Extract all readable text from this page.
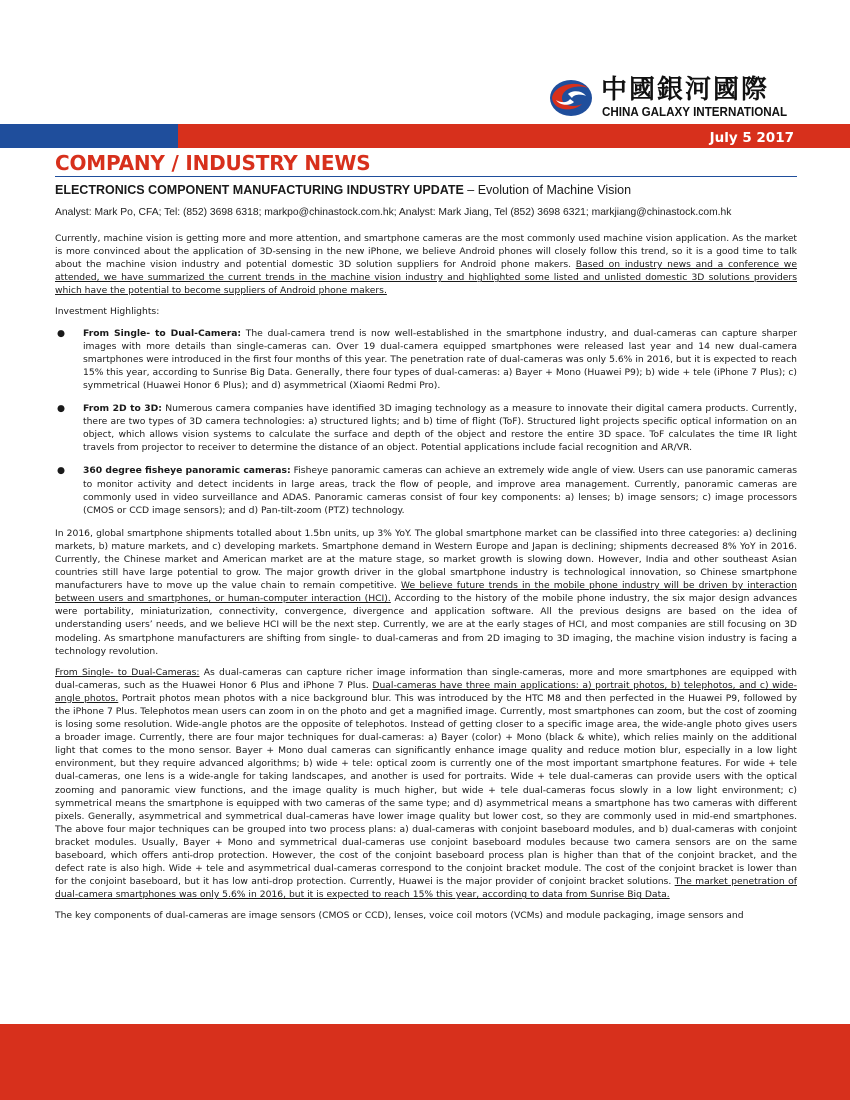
中國銀河國際
CHINA GALAXY INTERNATIONAL
July 5 2017
COMPANY / INDUSTRY NEWS
ELECTRONICS COMPONENT MANUFACTURING INDUSTRY UPDATE – Evolution of Machine Vision
Analyst: Mark Po, CFA; Tel: (852) 3698 6318; markpo@chinastock.com.hk; Analyst: Mark Jiang, Tel (852) 3698 6321; markjiang@chinastock.com.hk

Currently, machine vision is getting more and more attention, and smartphone cameras are the most commonly used machine vision application. As the market is more convinced about the application of 3D-sensing in the new iPhone, we believe Android phones will closely follow this trend, so it is a good time to talk about the machine vision industry and potential domestic 3D solution suppliers for Android phone makers. Based on industry news and a conference we attended, we have summarized the current trends in the machine vision industry and highlighted some listed and unlisted domestic 3D solutions providers which have the potential to become suppliers of Android phone makers.

Investment Highlights:

● From Single- to Dual-Camera: The dual-camera trend is now well-established in the smartphone industry, and dual-cameras can capture sharper images with more details than single-cameras can. Over 19 dual-camera equipped smartphones were released last year and 14 new dual-camera smartphones were introduced in the first four months of this year. The penetration rate of dual-cameras was only 5.6% in 2016, but it is expected to reach 15% this year, according to Sunrise Big Data. Generally, there four types of dual-cameras: a) Bayer + Mono (Huawei P9); b) wide + tele (iPhone 7 Plus); c) symmetrical (Huawei Honor 6 Plus); and d) asymmetrical (Xiaomi Redmi Pro).
● From 2D to 3D: Numerous camera companies have identified 3D imaging technology as a measure to innovate their digital camera products. Currently, there are two types of 3D camera technologies: a) structured lights; and b) time of flight (ToF). Structured light projects specific optical information on an object, which allows vision systems to calculate the surface and depth of the object and restore the entire 3D space. ToF calculates the time IR light travels from projector to receiver to determine the distance of an object. Potential applications include facial recognition and AR/VR.
● 360 degree fisheye panoramic cameras: Fisheye panoramic cameras can achieve an extremely wide angle of view. Users can use panoramic cameras to monitor activity and detect incidents in large areas, track the flow of people, and improve area management. Currently, panoramic cameras are commonly used in video surveillance and ADAS. Panoramic cameras consist of four key components: a) lenses; b) image sensors; c) image processors (CMOS or CCD image sensors); and d) Pan-tilt-zoom (PTZ) technology.

In 2016, global smartphone shipments totalled about 1.5bn units, up 3% YoY. The global smartphone market can be classified into three categories: a) declining markets, b) mature markets, and c) developing markets. Smartphone demand in Western Europe and Japan is declining; shipments decreased 8% YoY in 2016. Currently, the Chinese market and American market are at the mature stage, so market growth is slowing down. However, India and other southeast Asian countries still have large potential to grow. The major growth driver in the global smartphone industry is technological innovation, so Chinese smartphone manufacturers have to move up the value chain to remain competitive. We believe future trends in the mobile phone industry will be driven by interaction between users and smartphones, or human-computer interaction (HCI). According to the history of the mobile phone industry, the six major design advances were portability, miniaturization, connectivity, convergence, divergence and application software. All the previous designs are based on the idea of understanding users’ needs, and we believe HCI will be the next step. Currently, we are at the early stages of HCI, and most companies are still focusing on 3D modeling. As smartphone manufacturers are shifting from single- to dual-cameras and from 2D imaging to 3D imaging, the machine vision industry is facing a technology revolution.

From Single- to Dual-Cameras: As dual-cameras can capture richer image information than single-cameras, more and more smartphones are equipped with dual-cameras, such as the Huawei Honor 6 Plus and iPhone 7 Plus. Dual-cameras have three main applications: a) portrait photos, b) telephotos, and c) wide-angle photos. Portrait photos mean photos with a nice background blur. This was introduced by the HTC M8 and then perfected in the Huawei P9, followed by the iPhone 7 Plus. Telephotos mean users can zoom in on the photo and get a magnified image. Currently, most smartphones can zoom, but the cost of zooming is losing some resolution. Wide-angle photos are the opposite of telephotos. Instead of getting closer to a specific image area, the wide-angle photo gives users a broader image. Currently, there are four major techniques for dual-cameras: a) Bayer (color) + Mono (black & white), which relies mainly on the additional light that comes to the mono sensor. Bayer + Mono dual cameras can significantly enhance image quality and reduce motion blur, especially in a low light environment, but they require advanced algorithms; b) wide + tele: optical zoom is currently one of the most important smartphone features. For wide + tele dual-cameras, one lens is a wide-angle for taking landscapes, and another is used for portraits. Wide + tele dual-cameras can provide users with the optical zooming and panoramic view functions, and the image quality is much higher, but wide + tele dual-cameras focus slowly in a low light environment; c) symmetrical means the smartphone is equipped with two cameras of the same type; and d) asymmetrical means a smartphone has two cameras with different pixels. Generally, asymmetrical and symmetrical dual-cameras have lower image quality but lower cost, so they are commonly used in mid-end smartphones. The above four major techniques can be grouped into two process plans: a) dual-cameras with conjoint baseboard modules, and b) dual-cameras with conjoint bracket modules. Usually, Bayer + Mono and symmetrical dual-cameras use conjoint baseboard modules because two camera sensors are on the same baseboard, which offers anti-drop protection. However, the cost of the conjoint baseboard process plan is higher than that of the conjoint bracket, and the defect rate is also high. Wide + tele and asymmetrical dual-cameras correspond to the conjoint bracket module. The cost of the conjoint bracket is lower than for the conjoint baseboard, but it has low anti-drop protection. Currently, Huawei is the major provider of conjoint bracket solutions. The market penetration of dual-camera smartphones was only 5.6% in 2016, but it is expected to reach 15% this year, according to data from Sunrise Big Data.

The key components of dual-cameras are image sensors (CMOS or CCD), lenses, voice coil motors (VCMs) and module packaging, image sensors and
